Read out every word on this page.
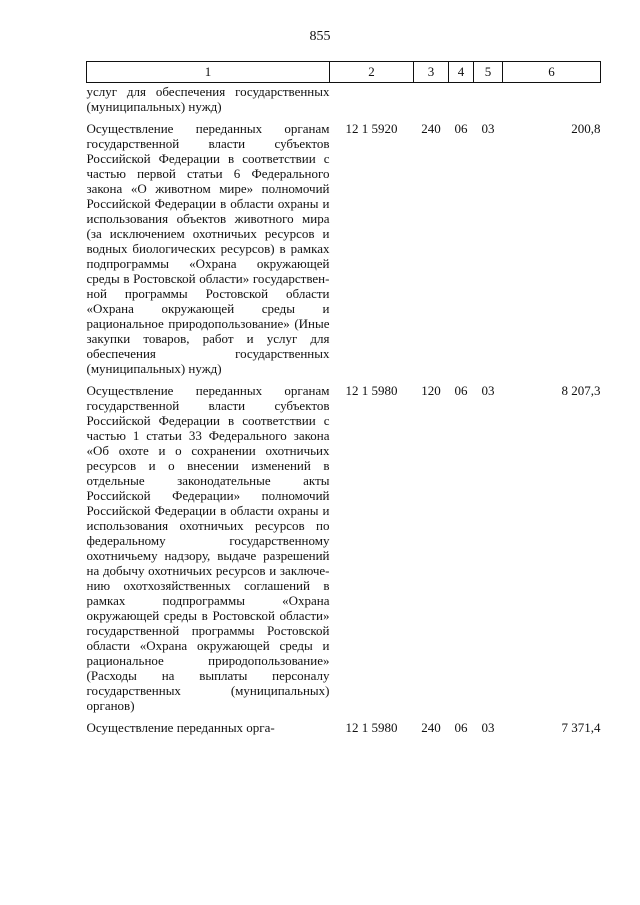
855
1	2	3	4	5	6
услуг для обеспечения государственных (муниципальных) нужд)					

Осуществление переданных органам государственной власти субъектов Российской Федерации в соответствии с частью первой статьи 6 Федерального закона «О животном мире» полномочий Российской Федерации в области охраны и использования объектов животного мира (за исключением охотничьих ресурсов и водных биологических ресурсов) в рамках подпрограммы «Охрана окружающей среды в Ростовской области» государственной программы Ростовской области «Охрана окружающей среды и рациональное природопользование» (Иные закупки товаров, работ и услуг для обеспечения государственных (муниципальных) нужд)	12 1 5920	240	06	03	200,8

Осуществление переданных органам государственной власти субъектов Российской Федерации в соответствии с частью 1 статьи 33 Федерального закона «Об охоте и о сохранении охотничьих ресурсов и о внесении изменений в отдельные законодательные акты Российской Федерации» полномочий Российской Федерации в области охраны и использования охотничьих ресурсов по федеральному государственному охотничьему надзору, выдаче разрешений на добычу охотничьих ресурсов и заключению охотхозяйственных соглашений в рамках подпрограммы «Охрана окружающей среды в Ростовской области» государственной программы Ростовской области «Охрана окружающей среды и рациональное природопользование» (Расходы на выплаты персоналу государственных (муниципальных) органов)	12 1 5980	120	06	03	8 207,3

Осуществление переданных орга-	12 1 5980	240	06	03	7 371,4
